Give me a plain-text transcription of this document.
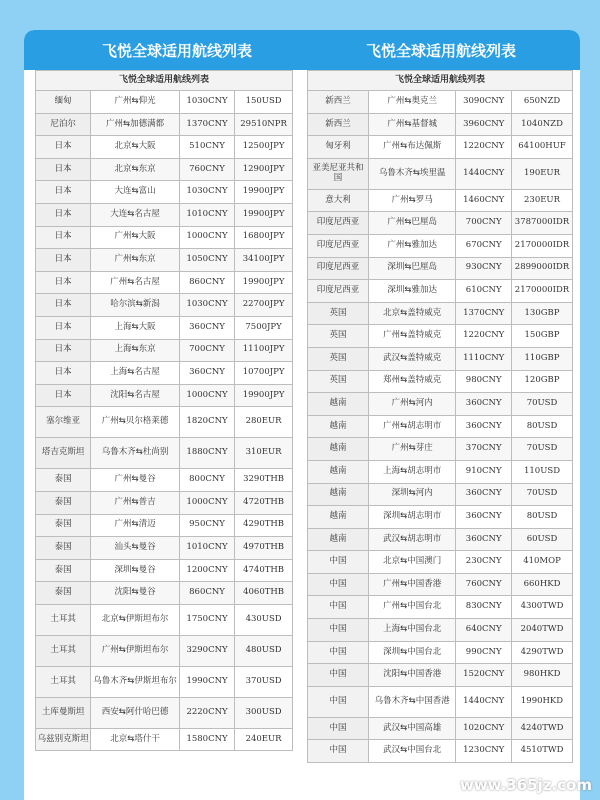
飞悦全球适用航线列表	飞悦全球适用航线列表
飞悦全球适用航线列表			
缅甸	广州⇆仰光	1030CNY	150USD
尼泊尔	广州⇆加德满都	1370CNY	29510NPR
日本	北京⇆大阪	510CNY	12500JPY
日本	北京⇆东京	760CNY	12900JPY
日本	大连⇆富山	1030CNY	19900JPY
日本	大连⇆名古屋	1010CNY	19900JPY
日本	广州⇆大阪	1000CNY	16800JPY
日本	广州⇆东京	1050CNY	34100JPY
日本	广州⇆名古屋	860CNY	19900JPY
日本	哈尔滨⇆新潟	1030CNY	22700JPY
日本	上海⇆大阪	360CNY	7500JPY
日本	上海⇆东京	700CNY	11100JPY
日本	上海⇆名古屋	360CNY	10700JPY
日本	沈阳⇆名古屋	1000CNY	19900JPY
塞尔维亚	广州⇆贝尔格莱德	1820CNY	280EUR
塔吉克斯坦	乌鲁木齐⇆杜尚别	1880CNY	310EUR
泰国	广州⇆曼谷	800CNY	3290THB
泰国	广州⇆普吉	1000CNY	4720THB
泰国	广州⇆清迈	950CNY	4290THB
泰国	汕头⇆曼谷	1010CNY	4970THB
泰国	深圳⇆曼谷	1200CNY	4740THB
泰国	沈阳⇆曼谷	860CNY	4060THB
土耳其	北京⇆伊斯坦布尔	1750CNY	430USD
土耳其	广州⇆伊斯坦布尔	3290CNY	480USD
土耳其	乌鲁木齐⇆伊斯坦布尔	1990CNY	370USD
土库曼斯坦	西安⇆阿什哈巴德	2220CNY	300USD
乌兹别克斯坦	北京⇆塔什干	1580CNY	240EUR
飞悦全球适用航线列表			
新西兰	广州⇆奥克兰	3090CNY	650NZD
新西兰	广州⇆基督城	3960CNY	1040NZD
匈牙利	广州⇆布达佩斯	1220CNY	64100HUF
亚美尼亚共和国	乌鲁木齐⇆埃里温	1440CNY	190EUR
意大利	广州⇆罗马	1460CNY	230EUR
印度尼西亚	广州⇆巴厘岛	700CNY	3787000IDR
印度尼西亚	广州⇆雅加达	670CNY	2170000IDR
印度尼西亚	深圳⇆巴厘岛	930CNY	2899000IDR
印度尼西亚	深圳⇆雅加达	610CNY	2170000IDR
英国	北京⇆盖特威克	1370CNY	130GBP
英国	广州⇆盖特威克	1220CNY	150GBP
英国	武汉⇆盖特威克	1110CNY	110GBP
英国	郑州⇆盖特威克	980CNY	120GBP
越南	广州⇆河内	360CNY	70USD
越南	广州⇆胡志明市	360CNY	80USD
越南	广州⇆芽庄	370CNY	70USD
越南	上海⇆胡志明市	910CNY	110USD
越南	深圳⇆河内	360CNY	70USD
越南	深圳⇆胡志明市	360CNY	80USD
越南	武汉⇆胡志明市	360CNY	60USD
中国	北京⇆中国澳门	230CNY	410MOP
中国	广州⇆中国香港	760CNY	660HKD
中国	广州⇆中国台北	830CNY	4300TWD
中国	上海⇆中国台北	640CNY	2040TWD
中国	深圳⇆中国台北	990CNY	4290TWD
中国	沈阳⇆中国香港	1520CNY	980HKD
中国	乌鲁木齐⇆中国香港	1440CNY	1990HKD
中国	武汉⇆中国高雄	1020CNY	4240TWD
中国	武汉⇆中国台北	1230CNY	4510TWD
www.365jz.com
